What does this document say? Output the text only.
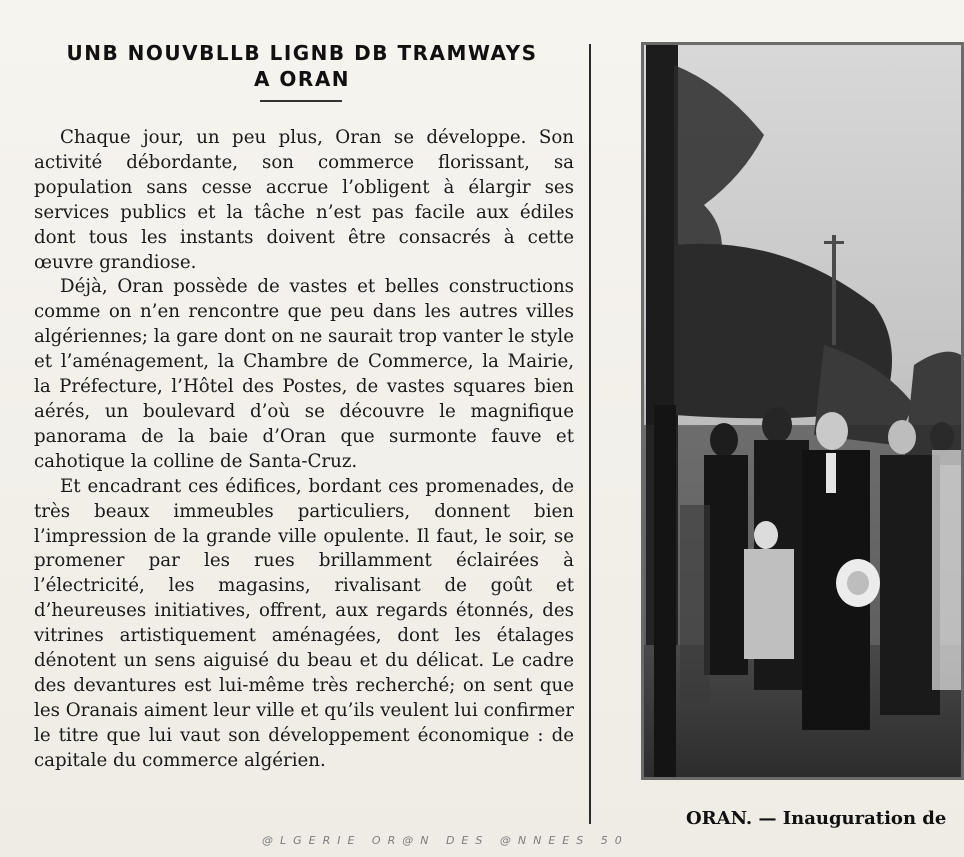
UNB NOUVBLLB LIGNB DB TRAMWAYS
A ORAN

Chaque jour, un peu plus, Oran se développe. Son activité débordante, son commerce florissant, sa population sans cesse accrue l’obligent à élargir ses services publics et la tâche n’est pas facile aux édiles dont tous les instants doivent être consacrés à cette œuvre grandiose.

Déjà, Oran possède de vastes et belles constructions comme on n’en rencontre que peu dans les autres villes algériennes; la gare dont on ne saurait trop vanter le style et l’aménagement, la Chambre de Commerce, la Mairie, la Préfecture, l’Hôtel des Postes, de vastes squares bien aérés, un boulevard d’où se découvre le magnifique panorama de la baie d’Oran que surmonte fauve et cahotique la colline de Santa-Cruz.

Et encadrant ces édifices, bordant ces promenades, de très beaux immeubles particuliers, donnent bien l’impression de la grande ville opulente. Il faut, le soir, se promener par les rues brillamment éclairées à l’électricité, les magasins, rivalisant de goût et d’heureuses initiatives, offrent, aux regards étonnés, des vitrines artistiquement aménagées, dont les étalages dénotent un sens aiguisé du beau et du délicat. Le cadre des devantures est lui-même très recherché; on sent que les Oranais aiment leur ville et qu’ils veulent lui confirmer le titre que lui vaut son développement économique : de capitale du commerce algérien.

ORAN. — Inauguration de
@LGERIE OR@N DES @NNEES 50
